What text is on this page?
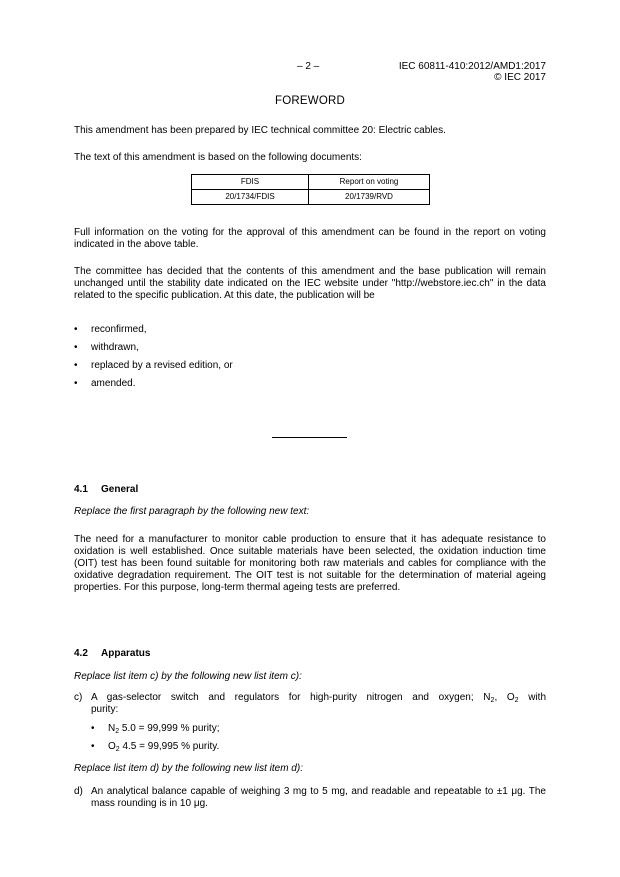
– 2 –	IEC 60811-410:2012/AMD1:2017
© IEC 2017
FOREWORD
This amendment has been prepared by IEC technical committee 20: Electric cables.
The text of this amendment is based on the following documents:
FDIS	Report on voting
20/1734/FDIS	20/1739/RVD
Full information on the voting for the approval of this amendment can be found in the report on voting indicated in the above table.
The committee has decided that the contents of this amendment and the base publication will remain unchanged until the stability date indicated on the IEC website under "http://webstore.iec.ch" in the data related to the specific publication. At this date, the publication will be
• reconfirmed,
• withdrawn,
• replaced by a revised edition, or
• amended.
4.1 General
Replace the first paragraph by the following new text:
The need for a manufacturer to monitor cable production to ensure that it has adequate resistance to oxidation is well established. Once suitable materials have been selected, the oxidation induction time (OIT) test has been found suitable for monitoring both raw materials and cables for compliance with the oxidative degradation requirement. The OIT test is not suitable for the determination of material ageing properties. For this purpose, long-term thermal ageing tests are preferred.
4.2 Apparatus
Replace list item c) by the following new list item c):
c) A gas-selector switch and regulators for high-purity nitrogen and oxygen; $N_2$, $O_2$ with
purity:
• $N_2$ 5.0 = 99,999 % purity;
• $O_2$ 4.5 = 99,995 % purity.
Replace list item d) by the following new list item d):
d) An analytical balance capable of weighing 3 mg to 5 mg, and readable and repeatable to ±1 μg. The mass rounding is in 10 μg.
